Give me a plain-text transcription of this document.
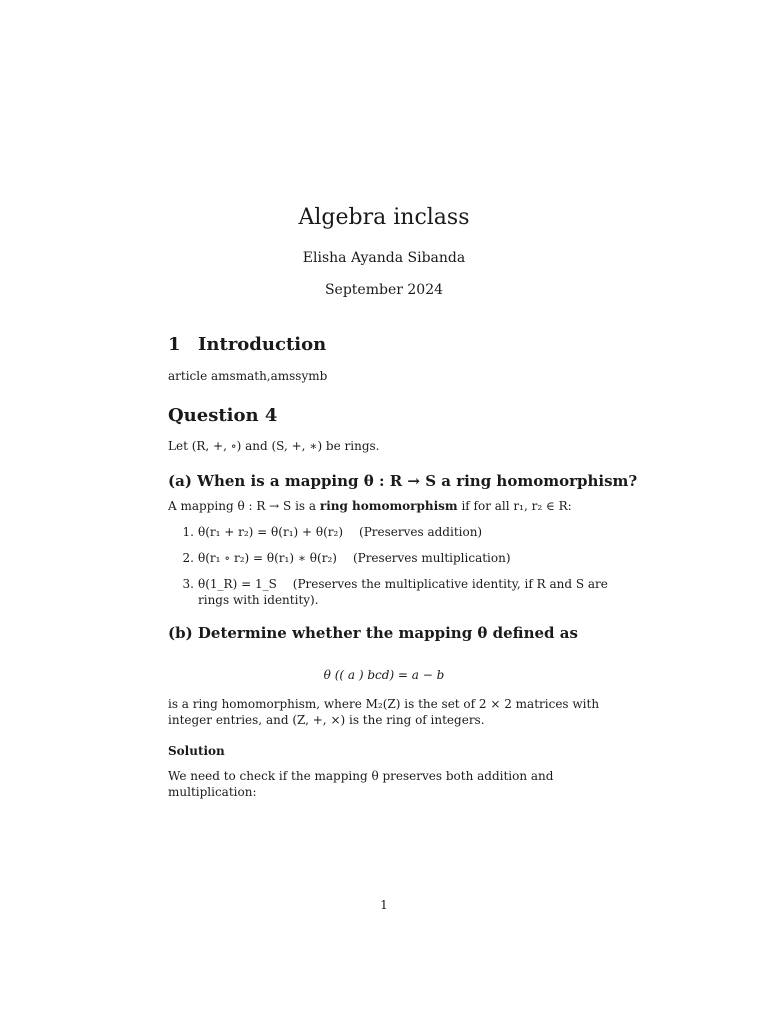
Algebra inclass
Elisha Ayanda Sibanda
September 2024
1 Introduction
article amsmath,amssymb
Question 4
Let (R, +, ∘) and (S, +, ∗) be rings.
(a) When is a mapping θ : R → S a ring homomorphism?
A mapping θ : R → S is a ring homomorphism if for all r₁, r₂ ∈ R:
1. θ(r₁ + r₂) = θ(r₁) + θ(r₂) (Preserves addition)
2. θ(r₁ ∘ r₂) = θ(r₁) ∗ θ(r₂) (Preserves multiplication)
3. θ(1_R) = 1_S (Preserves the multiplicative identity, if R and S are rings with identity).
(b) Determine whether the mapping θ defined as
θ (( a ) bcd) = a − b
is a ring homomorphism, where M₂(Z) is the set of 2 × 2 matrices with integer entries, and (Z, +, ×) is the ring of integers.
Solution
We need to check if the mapping θ preserves both addition and multiplication:
1
